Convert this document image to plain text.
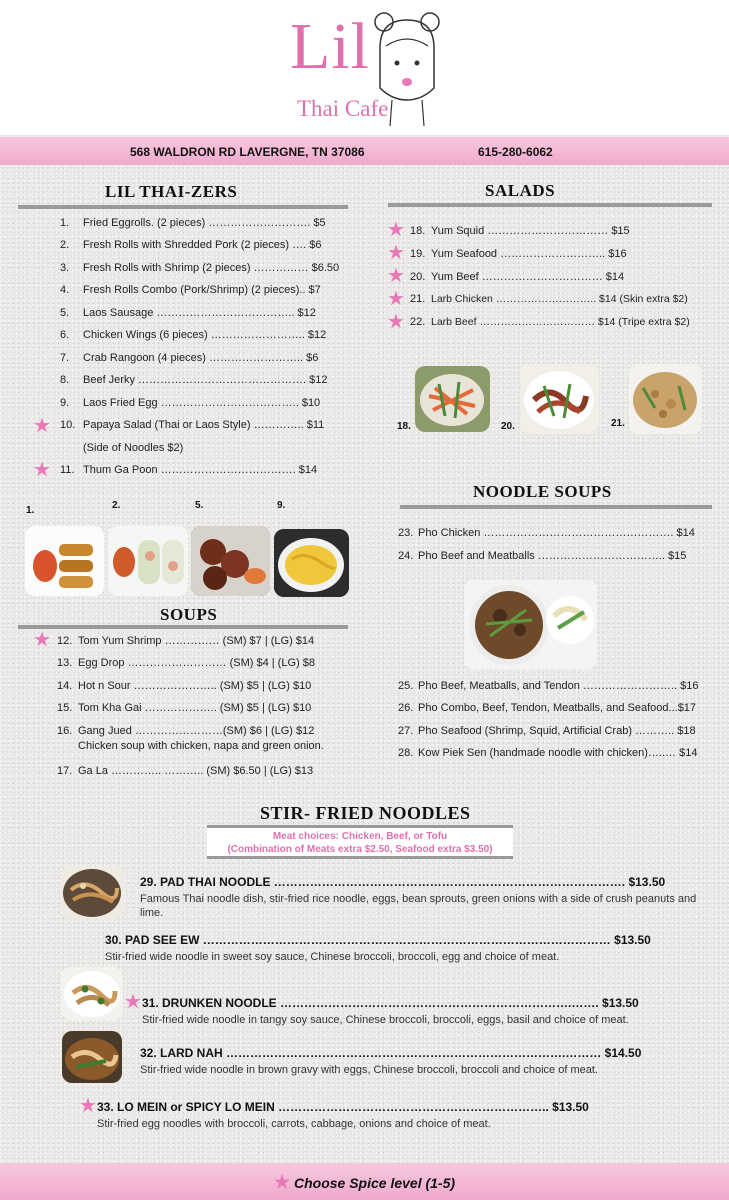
Lil
Thai Cafe
568 WALDRON RD LAVERGNE, TN 37086	615-280-6062
LIL THAI-ZERS
1. Fried Eggrolls. (2 pieces) ………………………. $5
2. Fresh Rolls with Shredded Pork (2 pieces) …. $6
3. Fresh Rolls with Shrimp (2 pieces) …………… $6.50
4. Fresh Rolls Combo (Pork/Shrimp) (2 pieces).. $7
5. Laos Sausage ……………………………….. $12
6. Chicken Wings (6 pieces) …………………….. $12
7. Crab Rangoon (4 pieces) …………………….. $6
8. Beef Jerky ………………………………………. $12
9. Laos Fried Egg ……………………………….. $10
★ 10. Papaya Salad (Thai or Laos Style) ………….. $11
(Side of Noodles $2)
★ 11. Thum Ga Poon ………………………………. $14
1.	2.	5.	9.
SOUPS
★ 12. Tom Yum Shrimp …………… (SM) $7 | (LG) $14
13. Egg Drop ……………………… (SM) $4 | (LG) $8
14. Hot n Sour ………………….. (SM) $5 | (LG) $10
15. Tom Kha Gai ……………….. (SM) $5 | (LG) $10
16. Gang Jued ……………………(SM) $6 | (LG) $12
Chicken soup with chicken, napa and green onion.
17. Ga La ………….. ……….. (SM) $6.50 | (LG) $13
SALADS
★ 18. Yum Squid …………………………… $15
★ 19. Yum Seafood ……………………….. $16
★ 20. Yum Beef …………………………… $14
★ 21. Larb Chicken ……………………….. $14 (Skin extra $2)
★ 22. Larb Beef …………………………… $14 (Tripe extra $2)
18.	20.	21.
NOODLE SOUPS
23. Pho Chicken ……………………………………………. $14
24. Pho Beef and Meatballs …………………………….. $15
25. Pho Beef, Meatballs, and Tendon …………………….. $16
26. Pho Combo, Beef, Tendon, Meatballs, and Seafood...$17
27. Pho Seafood (Shrimp, Squid, Artificial Crab) ……….. $18
28. Kow Piek Sen (handmade noodle with chicken)…..… $14
STIR- FRIED NOODLES
Meat choices: Chicken, Beef, or Tofu
(Combination of Meats extra $2.50, Seafood extra $3.50)
29. PAD THAI NOODLE ……………………………………………………………………………. $13.50
Famous Thai noodle dish, stir-fried rice noodle, eggs, bean sprouts, green onions with a side of crush peanuts and lime.
30. PAD SEE EW ………………………………………………………………………………………… $13.50
Stir-fried wide noodle in sweet soy sauce, Chinese broccoli, broccoli, egg and choice of meat.
★ 31. DRUNKEN NOODLE ……………………………………………………………….……. $13.50
Stir-fried wide noodle in tangy soy sauce, Chinese broccoli, broccoli, eggs, basil and choice of meat.
32. LARD NAH ………………………………………………………………………….……… $14.50
Stir-fried wide noodle in brown gravy with eggs, Chinese broccoli, broccoli and choice of meat.
★ 33. LO MEIN or SPICY LO MEIN ………………………………………………………….. $13.50
Stir-fried egg noodles with broccoli, carrots, cabbage, onions and choice of meat.
★ Choose Spice level (1-5)
